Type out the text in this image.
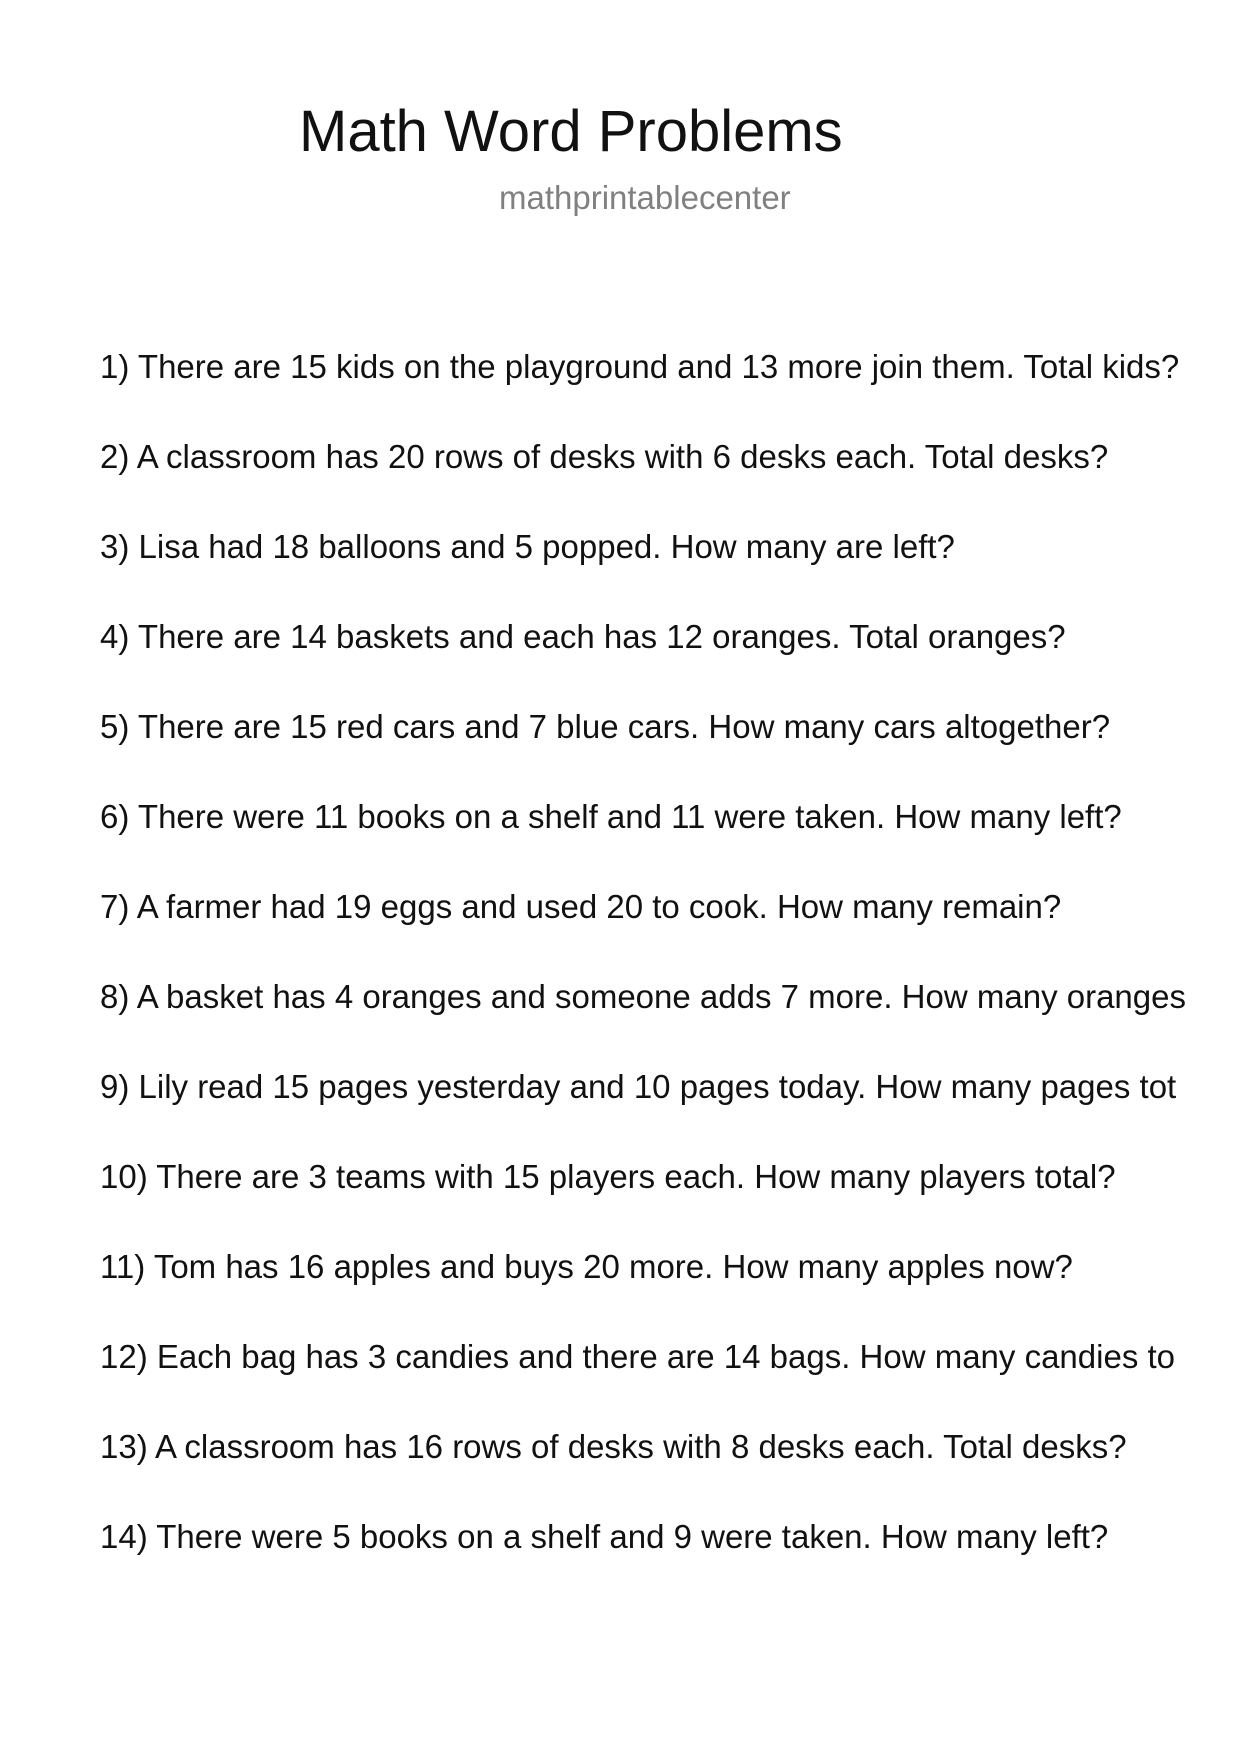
Math Word Problems
mathprintablecenter
1) There are 15 kids on the playground and 13 more join them. Total kids?
2) A classroom has 20 rows of desks with 6 desks each. Total desks?
3) Lisa had 18 balloons and 5 popped. How many are left?
4) There are 14 baskets and each has 12 oranges. Total oranges?
5) There are 15 red cars and 7 blue cars. How many cars altogether?
6) There were 11 books on a shelf and 11 were taken. How many left?
7) A farmer had 19 eggs and used 20 to cook. How many remain?
8) A basket has 4 oranges and someone adds 7 more. How many oranges
9) Lily read 15 pages yesterday and 10 pages today. How many pages tot
10) There are 3 teams with 15 players each. How many players total?
11) Tom has 16 apples and buys 20 more. How many apples now?
12) Each bag has 3 candies and there are 14 bags. How many candies to
13) A classroom has 16 rows of desks with 8 desks each. Total desks?
14) There were 5 books on a shelf and 9 were taken. How many left?
